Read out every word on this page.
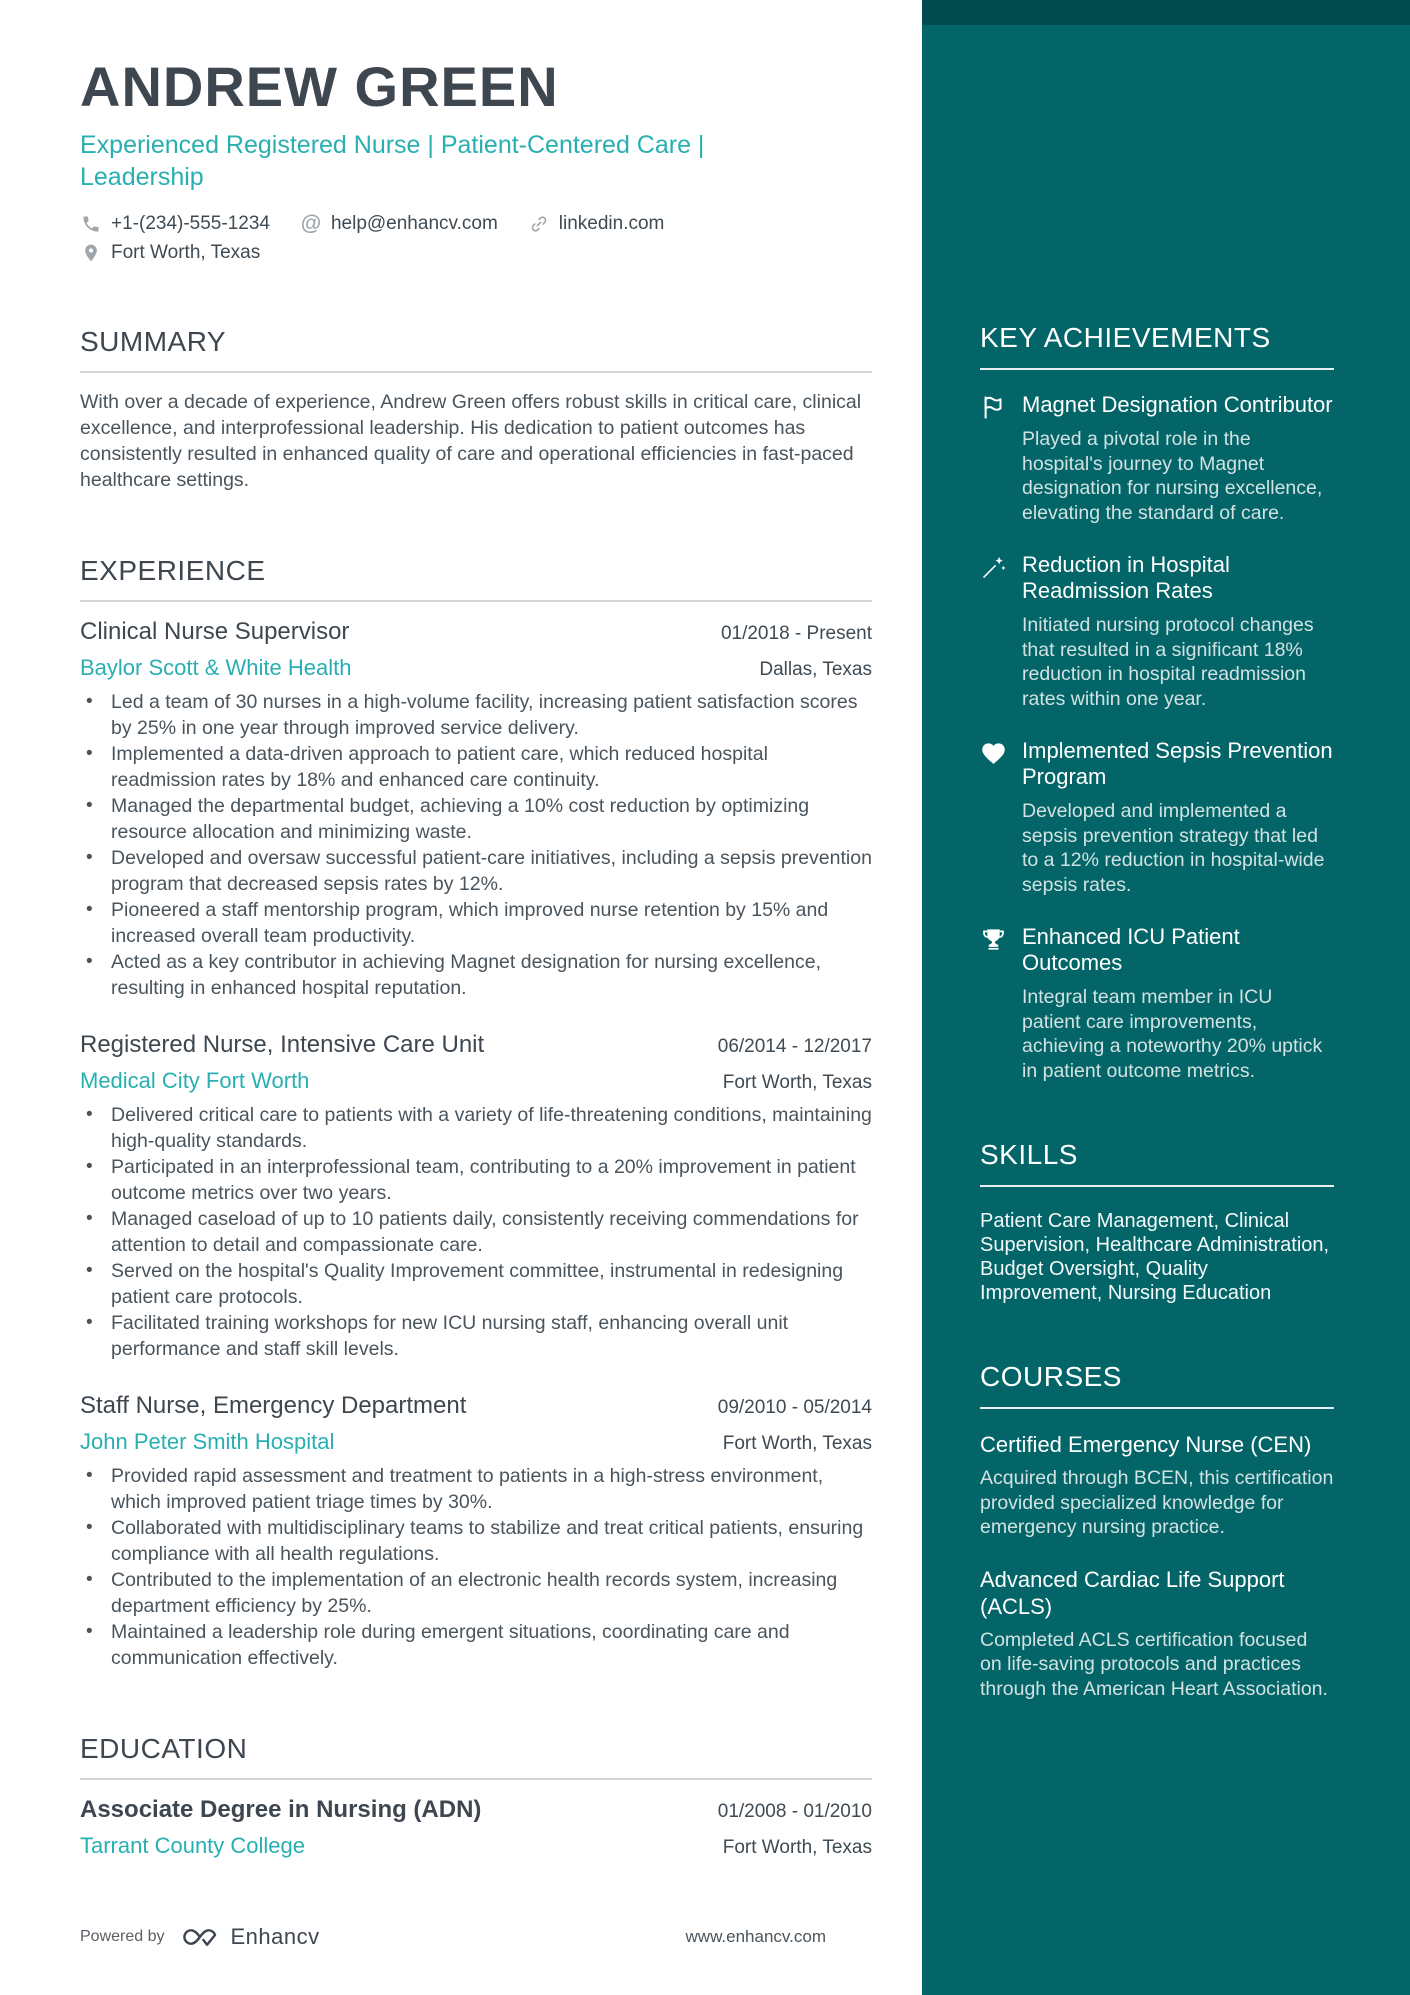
KEY ACHIEVEMENTS
Magnet Designation Contributor

Played a pivotal role in the hospital's journey to Magnet designation for nursing excellence, elevating the standard of care.

Reduction in Hospital Readmission Rates

Initiated nursing protocol changes that resulted in a significant 18% reduction in hospital readmission rates within one year.

Implemented Sepsis Prevention Program

Developed and implemented a sepsis prevention strategy that led to a 12% reduction in hospital-wide sepsis rates.

Enhanced ICU Patient Outcomes

Integral team member in ICU patient care improvements, achieving a noteworthy 20% uptick in patient outcome metrics.

SKILLS

Patient Care Management, Clinical Supervision, Healthcare Administration, Budget Oversight, Quality Improvement, Nursing Education

COURSES
Certified Emergency Nurse (CEN)

Acquired through BCEN, this certification provided specialized knowledge for emergency nursing practice.

Advanced Cardiac Life Support (ACLS)

Completed ACLS certification focused on life-saving protocols and practices through the American Heart Association.

ANDREW GREEN

Experienced Registered Nurse | Patient-Centered Care | Leadership

+1-(234)-555-1234 @ help@enhancv.com	linkedin.com
Fort Worth, Texas
SUMMARY

With over a decade of experience, Andrew Green offers robust skills in critical care, clinical excellence, and interprofessional leadership. His dedication to patient outcomes has consistently resulted in enhanced quality of care and operational efficiencies in fast-paced healthcare settings.

EXPERIENCE
Clinical Nurse Supervisor	01/2018 - Present
Baylor Scott & White Health	Dallas, Texas
• Led a team of 30 nurses in a high-volume facility, increasing patient satisfaction scores by 25% in one year through improved service delivery.
• Implemented a data-driven approach to patient care, which reduced hospital readmission rates by 18% and enhanced care continuity.
• Managed the departmental budget, achieving a 10% cost reduction by optimizing resource allocation and minimizing waste.
• Developed and oversaw successful patient-care initiatives, including a sepsis prevention program that decreased sepsis rates by 12%.
• Pioneered a staff mentorship program, which improved nurse retention by 15% and increased overall team productivity.
• Acted as a key contributor in achieving Magnet designation for nursing excellence, resulting in enhanced hospital reputation.
Registered Nurse, Intensive Care Unit	06/2014 - 12/2017
Medical City Fort Worth	Fort Worth, Texas
• Delivered critical care to patients with a variety of life-threatening conditions, maintaining high-quality standards.
• Participated in an interprofessional team, contributing to a 20% improvement in patient outcome metrics over two years.
• Managed caseload of up to 10 patients daily, consistently receiving commendations for attention to detail and compassionate care.
• Served on the hospital's Quality Improvement committee, instrumental in redesigning patient care protocols.
• Facilitated training workshops for new ICU nursing staff, enhancing overall unit performance and staff skill levels.
Staff Nurse, Emergency Department	09/2010 - 05/2014
John Peter Smith Hospital	Fort Worth, Texas
• Provided rapid assessment and treatment to patients in a high-stress environment, which improved patient triage times by 30%.
• Collaborated with multidisciplinary teams to stabilize and treat critical patients, ensuring compliance with all health regulations.
• Contributed to the implementation of an electronic health records system, increasing department efficiency by 25%.
• Maintained a leadership role during emergent situations, coordinating care and communication effectively.
EDUCATION
Associate Degree in Nursing (ADN)	01/2008 - 01/2010
Tarrant County College	Fort Worth, Texas
Powered by	Enhancv	www.enhancv.com
